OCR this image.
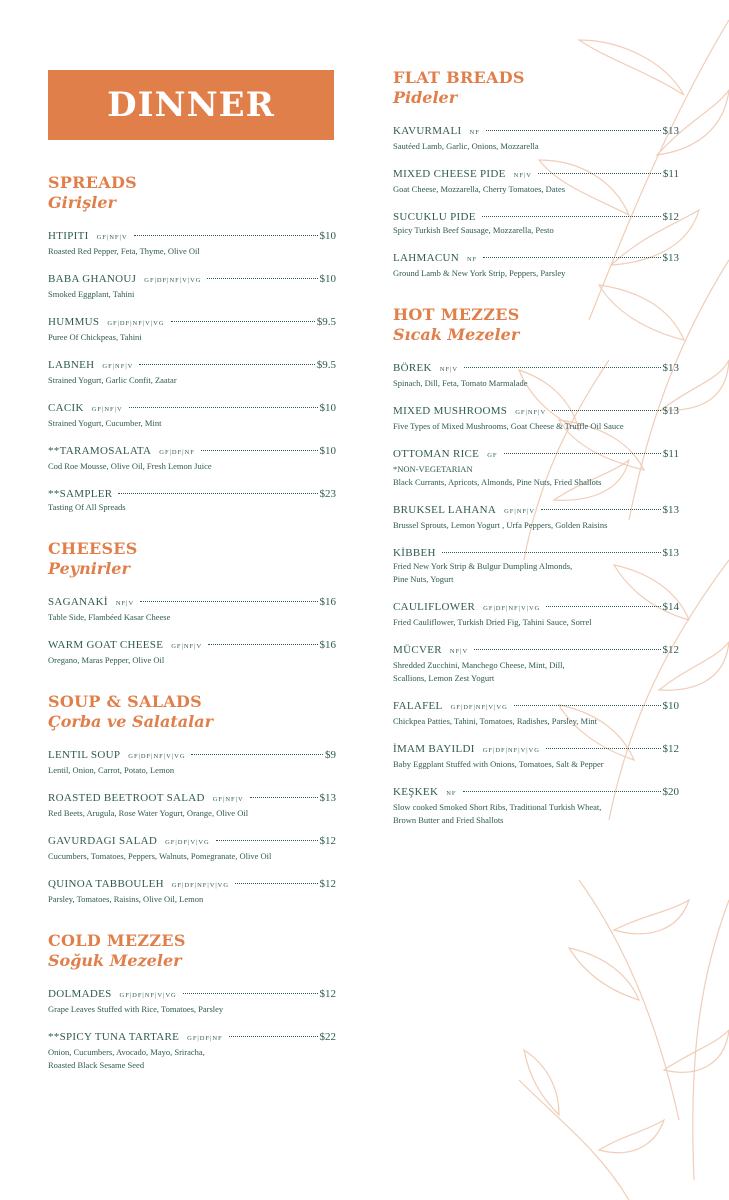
DINNER
SPREADS
Girişler
HTIPITI GF|NF|V	$10
Roasted Red Pepper, Feta, Thyme, Olive Oil
BABA GHANOUJ GF|DF|NF|V|VG	$10
Smoked Eggplant, Tahini
HUMMUS GF|DF|NF|V|VG	$9.5
Puree Of Chickpeas, Tahini
LABNEH GF|NF|V	$9.5
Strained Yogurt, Garlic Confit, Zaatar
CACIK GF|NF|V	$10
Strained Yogurt, Cucumber, Mint
**TARAMOSALATA GF|DF|NF	$10
Cod Roe Mousse, Olive Oil, Fresh Lemon Juice
**SAMPLER	$23
Tasting Of All Spreads
CHEESES
Peynirler
SAGANAKİ NF|V	$16
Table Side, Flambéed Kasar Cheese
WARM GOAT CHEESE GF|NF|V	$16
Oregano, Maras Pepper, Olive Oil
SOUP & SALADS
Çorba ve Salatalar
LENTIL SOUP GF|DF|NF|V|VG	$9
Lentil, Onion, Carrot, Potato, Lemon
ROASTED BEETROOT SALAD GF|NF|V	$13
Red Beets, Arugula, Rose Water Yogurt, Orange, Olive Oil
GAVURDAGI SALAD GF|DF|V|VG	$12
Cucumbers, Tomatoes, Peppers, Walnuts, Pomegranate, Olive Oil
QUINOA TABBOULEH GF|DF|NF|V|VG	$12
Parsley, Tomatoes, Raisins, Olive Oil, Lemon
COLD MEZZES
Soğuk Mezeler
DOLMADES GF|DF|NF|V|VG	$12
Grape Leaves Stuffed with Rice, Tomatoes, Parsley
**SPICY TUNA TARTARE GF|DF|NF	$22
Onion, Cucumbers, Avocado, Mayo, Sriracha,
Roasted Black Sesame Seed
FLAT BREADS
Pideler
KAVURMALI NF	$13
Sautéed Lamb, Garlic, Onions, Mozzarella
MIXED CHEESE PIDE NF|V	$11
Goat Cheese, Mozzarella, Cherry Tomatoes, Dates
SUCUKLU PIDE	$12
Spicy Turkish Beef Sausage, Mozzarella, Pesto
LAHMACUN NF	$13
Ground Lamb & New York Strip, Peppers, Parsley
HOT MEZZES
Sıcak Mezeler
BÖREK NF|V	$13
Spinach, Dill, Feta, Tomato Marmalade
MIXED MUSHROOMS GF|NF|V	$13
Five Types of Mixed Mushrooms, Goat Cheese & Truffle Oil Sauce
OTTOMAN RICE GF	$11
*NON-VEGETARIAN
Black Currants, Apricots, Almonds, Pine Nuts, Fried Shallots
BRUKSEL LAHANA GF|NF|V	$13
Brussel Sprouts, Lemon Yogurt , Urfa Peppers, Golden Raisins
KİBBEH	$13
Fried New York Strip & Bulgur Dumpling Almonds,
Pine Nuts, Yogurt
CAULIFLOWER GF|DF|NF|V|VG	$14
Fried Cauliflower, Turkish Dried Fig, Tahini Sauce, Sorrel
MÜCVER NF|V	$12
Shredded Zucchini, Manchego Cheese, Mint, Dill,
Scallions, Lemon Zest Yogurt
FALAFEL GF|DF|NF|V|VG	$10
Chickpea Patties, Tahini, Tomatoes, Radishes, Parsley, Mint
İMAM BAYILDI GF|DF|NF|V|VG	$12
Baby Eggplant Stuffed with Onions, Tomatoes, Salt & Pepper
KEŞKEK NF	$20
Slow cooked Smoked Short Ribs, Traditional Turkish Wheat,
Brown Butter and Fried Shallots
